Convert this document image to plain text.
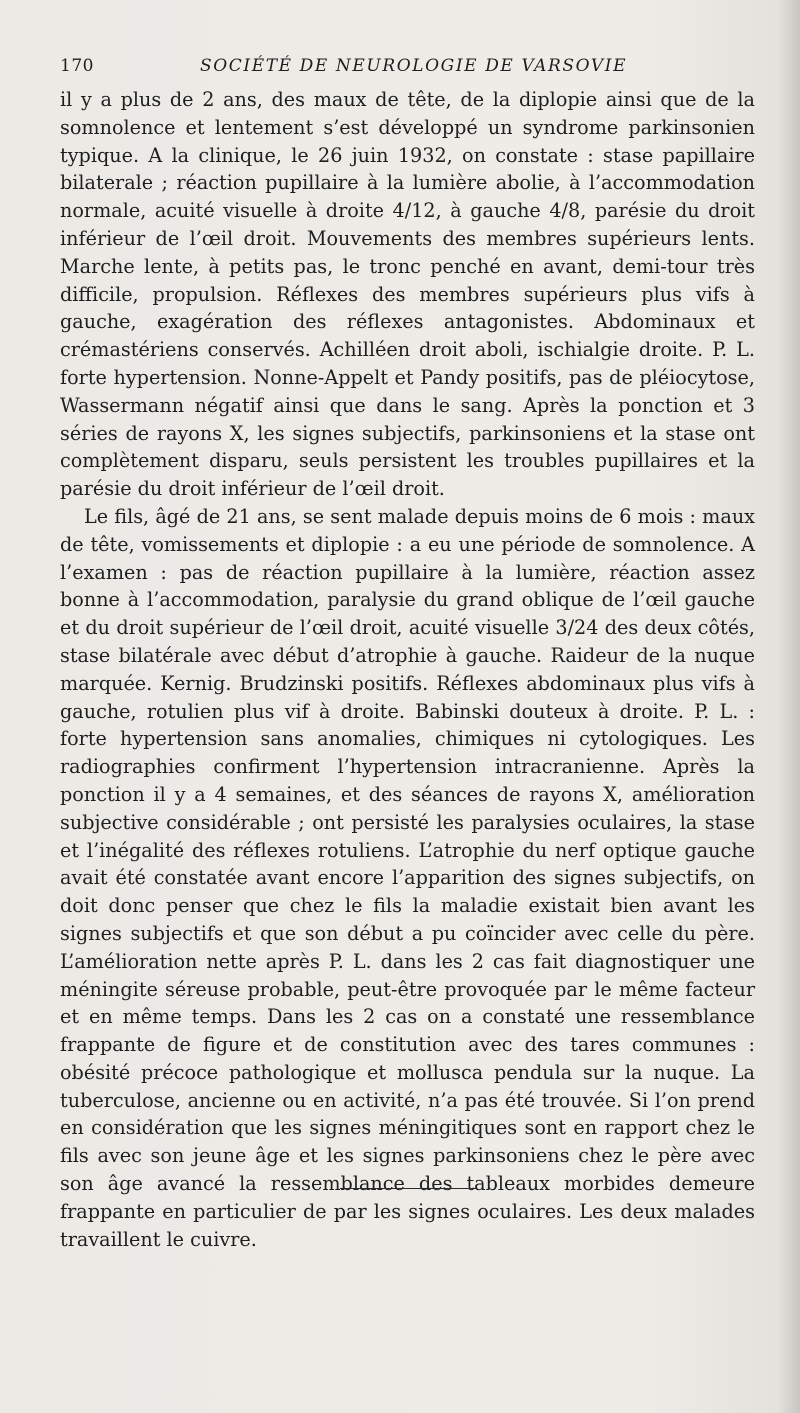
170	SOCIÉTÉ DE NEUROLOGIE DE VARSOVIE

il y a plus de 2 ans, des maux de tête, de la diplopie ainsi que de la somnolence et lentement s’est développé un syndrome parkinsonien typique. A la clinique, le 26 juin 1932, on constate : stase papillaire bilaterale ; réaction pupillaire à la lumière abolie, à l’accommodation normale, acuité visuelle à droite 4/12, à gauche 4/8, parésie du droit inférieur de l’œil droit. Mouvements des membres supérieurs lents. Marche lente, à petits pas, le tronc penché en avant, demi-tour très difficile, propulsion. Réflexes des membres supérieurs plus vifs à gauche, exagération des réflexes antagonistes. Abdominaux et crémastériens conservés. Achilléen droit aboli, ischialgie droite. P. L. forte hypertension. Nonne-Appelt et Pandy positifs, pas de pléiocytose, Wassermann négatif ainsi que dans le sang. Après la ponction et 3 séries de rayons X, les signes subjectifs, parkinsoniens et la stase ont complètement disparu, seuls persistent les troubles pupillaires et la parésie du droit inférieur de l’œil droit.

Le fils, âgé de 21 ans, se sent malade depuis moins de 6 mois : maux de tête, vomissements et diplopie : a eu une période de somnolence. A l’examen : pas de réaction pupillaire à la lumière, réaction assez bonne à l’accommodation, paralysie du grand oblique de l’œil gauche et du droit supérieur de l’œil droit, acuité visuelle 3/24 des deux côtés, stase bilatérale avec début d’atrophie à gauche. Raideur de la nuque marquée. Kernig. Brudzinski positifs. Réflexes abdominaux plus vifs à gauche, rotulien plus vif à droite. Babinski douteux à droite. P. L. : forte hypertension sans anomalies, chimiques ni cytologiques. Les radiographies confirment l’hypertension intracranienne. Après la ponction il y a 4 semaines, et des séances de rayons X, amélioration subjective considérable ; ont persisté les paralysies oculaires, la stase et l’inégalité des réflexes rotuliens. L’atrophie du nerf optique gauche avait été constatée avant encore l’apparition des signes subjectifs, on doit donc penser que chez le fils la maladie existait bien avant les signes subjectifs et que son début a pu coïncider avec celle du père. L’amélioration nette après P. L. dans les 2 cas fait diagnostiquer une méningite séreuse probable, peut-être provoquée par le même facteur et en même temps. Dans les 2 cas on a constaté une ressemblance frappante de figure et de constitution avec des tares communes : obésité précoce pathologique et mollusca pendula sur la nuque. La tuberculose, ancienne ou en activité, n’a pas été trouvée. Si l’on prend en considération que les signes méningitiques sont en rapport chez le fils avec son jeune âge et les signes parkinsoniens chez le père avec son âge avancé la ressemblance des tableaux morbides demeure frappante en particulier de par les signes oculaires. Les deux malades travaillent le cuivre.
